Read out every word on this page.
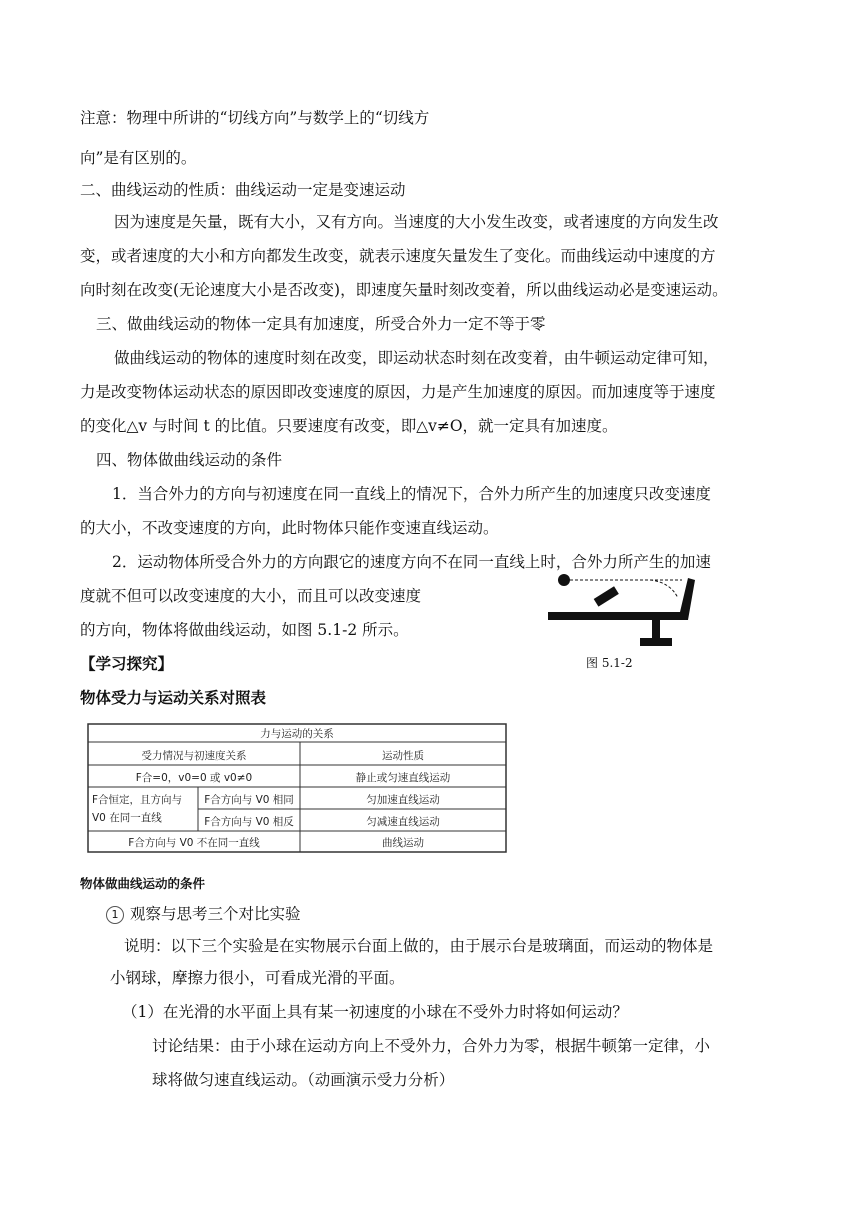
注意：物理中所讲的“切线方向”与数学上的“切线方
向”是有区别的。
二、曲线运动的性质：曲线运动一定是变速运动
因为速度是矢量，既有大小，又有方向。当速度的大小发生改变，或者速度的方向发生改
变，或者速度的大小和方向都发生改变，就表示速度矢量发生了变化。而曲线运动中速度的方
向时刻在改变(无论速度大小是否改变)，即速度矢量时刻改变着，所以曲线运动必是变速运动。
三、做曲线运动的物体一定具有加速度，所受合外力一定不等于零
做曲线运动的物体的速度时刻在改变，即运动状态时刻在改变着，由牛顿运动定律可知，
力是改变物体运动状态的原因即改变速度的原因，力是产生加速度的原因。而加速度等于速度
的变化△v 与时间 t 的比值。只要速度有改变，即△v≠O，就一定具有加速度。
四、物体做曲线运动的条件
1．当合外力的方向与初速度在同一直线上的情况下，合外力所产生的加速度只改变速度
的大小，不改变速度的方向，此时物体只能作变速直线运动。
2．运动物体所受合外力的方向跟它的速度方向不在同一直线上时，合外力所产生的加速
度就不但可以改变速度的大小，而且可以改变速度
的方向，物体将做曲线运动，如图 5.1-2 所示。
图 5.1-2
【学习探究】
物体受力与运动关系对照表
力与运动的关系
受力情况与初速度关系	运动性质
F合=0，v0=0 或 v0≠0	静止或匀速直线运动
F合恒定，且方向与
V0 在同一直线
F合方向与 V0 相同	匀加速直线运动
F合方向与 V0 相反	匀减速直线运动
F合方向与 V0 不在同一直线	曲线运动
物体做曲线运动的条件
1 观察与思考三个对比实验
说明：以下三个实验是在实物展示台面上做的，由于展示台是玻璃面，而运动的物体是
小钢球，摩擦力很小，可看成光滑的平面。
（1）在光滑的水平面上具有某一初速度的小球在不受外力时将如何运动？
讨论结果：由于小球在运动方向上不受外力，合外力为零，根据牛顿第一定律，小
球将做匀速直线运动。（动画演示受力分析）
